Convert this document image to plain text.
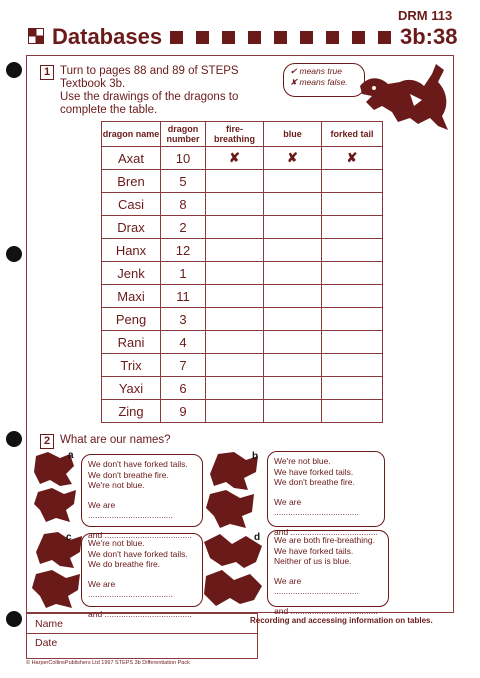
DRM 113
Databases	3b:38
1 Turn to pages 88 and 89 of STEPS
Textbook 3b.
Use the drawings of the dragons to
complete the table.
✔ means true
✘ means false.
dragon name	dragon number	fire-breathing	blue	forked tail
Axat	10	✘	✘	✘
Bren	5			
Casi	8			
Drax	2			
Hanx	12			
Jenk	1			
Maxi	11			
Peng	3			
Rani	4			
Trix	7			
Yaxi	6			
Zing	9			
2 What are our names?
a	b
c	d
We don't have forked tails.
We don't breathe fire.
We're not blue.
We are ....................................
and .....................................
We're not blue.
We have forked tails.
We don't breathe fire.
We are ....................................
and .....................................
We're not blue.
We don't have forked tails.
We do breathe fire.
We are ....................................
and .....................................
We are both fire-breathing.
We have forked tails.
Neither of us is blue.
We are ....................................
and .....................................
Name
Date
Recording and accessing information on tables.
© HarperCollinsPublishers Ltd 1997 STEPS 3b Differentiation Pack
